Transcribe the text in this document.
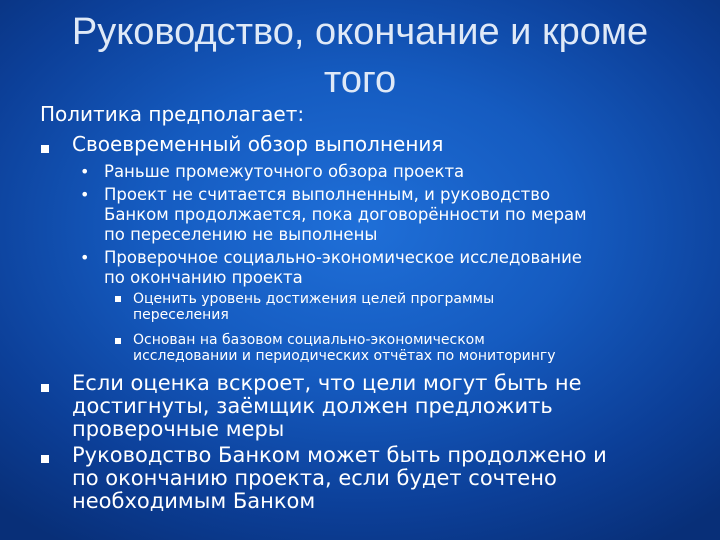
Руководство, окончание и кроме
того
Политика предполагает:
Своевременный обзор выполнения
• Раньше промежуточного обзора проекта
• Проект не считается выполненным, и руководство
Банком продолжается, пока договорённости по мерам
по переселению не выполнены
• Проверочное социально-экономическое исследование
по окончанию проекта
Оценить уровень достижения целей программы
переселения
Основан на базовом социально-экономическом
исследовании и периодических отчётах по мониторингу
Если оценка вскроет, что цели могут быть не
достигнуты, заёмщик должен предложить
проверочные меры
Руководство Банком может быть продолжено и
по окончанию проекта, если будет сочтено
необходимым Банком
